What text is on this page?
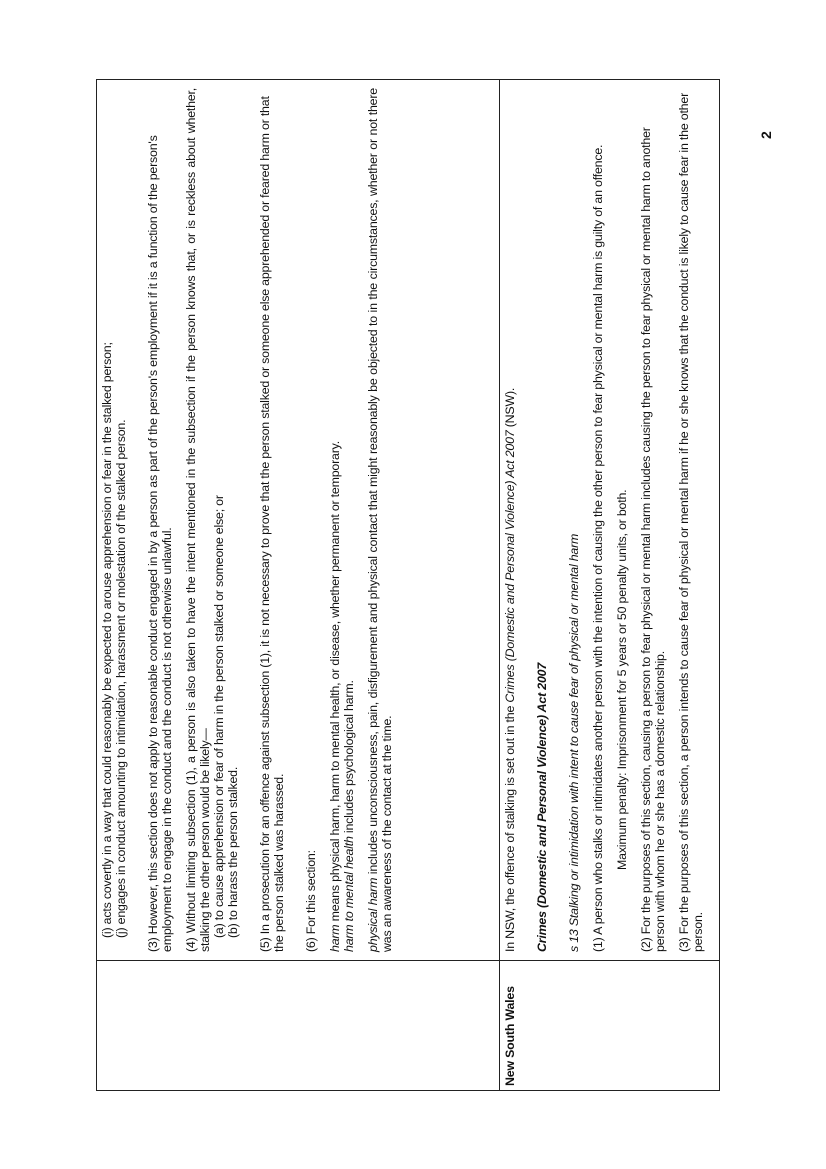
2

(i) acts covertly in a way that could reasonably be expected to arouse apprehension or fear in the stalked person; (j) engages in conduct amounting to intimidation, harassment or molestation of the stalked person. (3) However, this section does not apply to reasonable conduct engaged in by a person as part of the person's employment if it is a function of the person's employment to engage in the conduct and the conduct is not otherwise unlawful. (4) Without limiting subsection (1), a person is also taken to have the intent mentioned in the subsection if the person knows that, or is reckless about whether, stalking the other person would be likely— (a) to cause apprehension or fear of harm in the person stalked or someone else; or (b) to harass the person stalked. (5) In a prosecution for an offence against subsection (1), it is not necessary to prove that the person stalked or someone else apprehended or feared harm or that the person stalked was harassed. (6) For this section: harm means physical harm, harm to mental health, or disease, whether permanent or temporary. harm to mental health includes psychological harm.

physical harm includes unconsciousness, pain, disfigurement and physical contact that might reasonably be objected to in the circumstances, whether or not there was an awareness of the contact at the time.

New South Wales

In NSW, the offence of stalking is set out in the Crimes (Domestic and Personal Violence) Act 2007 (NSW).

Crimes (Domestic and Personal Violence) Act 2007 s 13 Stalking or intimidation with intent to cause fear of physical or mental harm (1) A person who stalks or intimidates another person with the intention of causing the other person to fear physical or mental harm is guilty of an offence. Maximum penalty: Imprisonment for 5 years or 50 penalty units, or both. (2) For the purposes of this section, causing a person to fear physical or mental harm includes causing the person to fear physical or mental harm to another person with whom he or she has a domestic relationship. (3) For the purposes of this section, a person intends to cause fear of physical or mental harm if he or she knows that the conduct is likely to cause fear in the other person.
